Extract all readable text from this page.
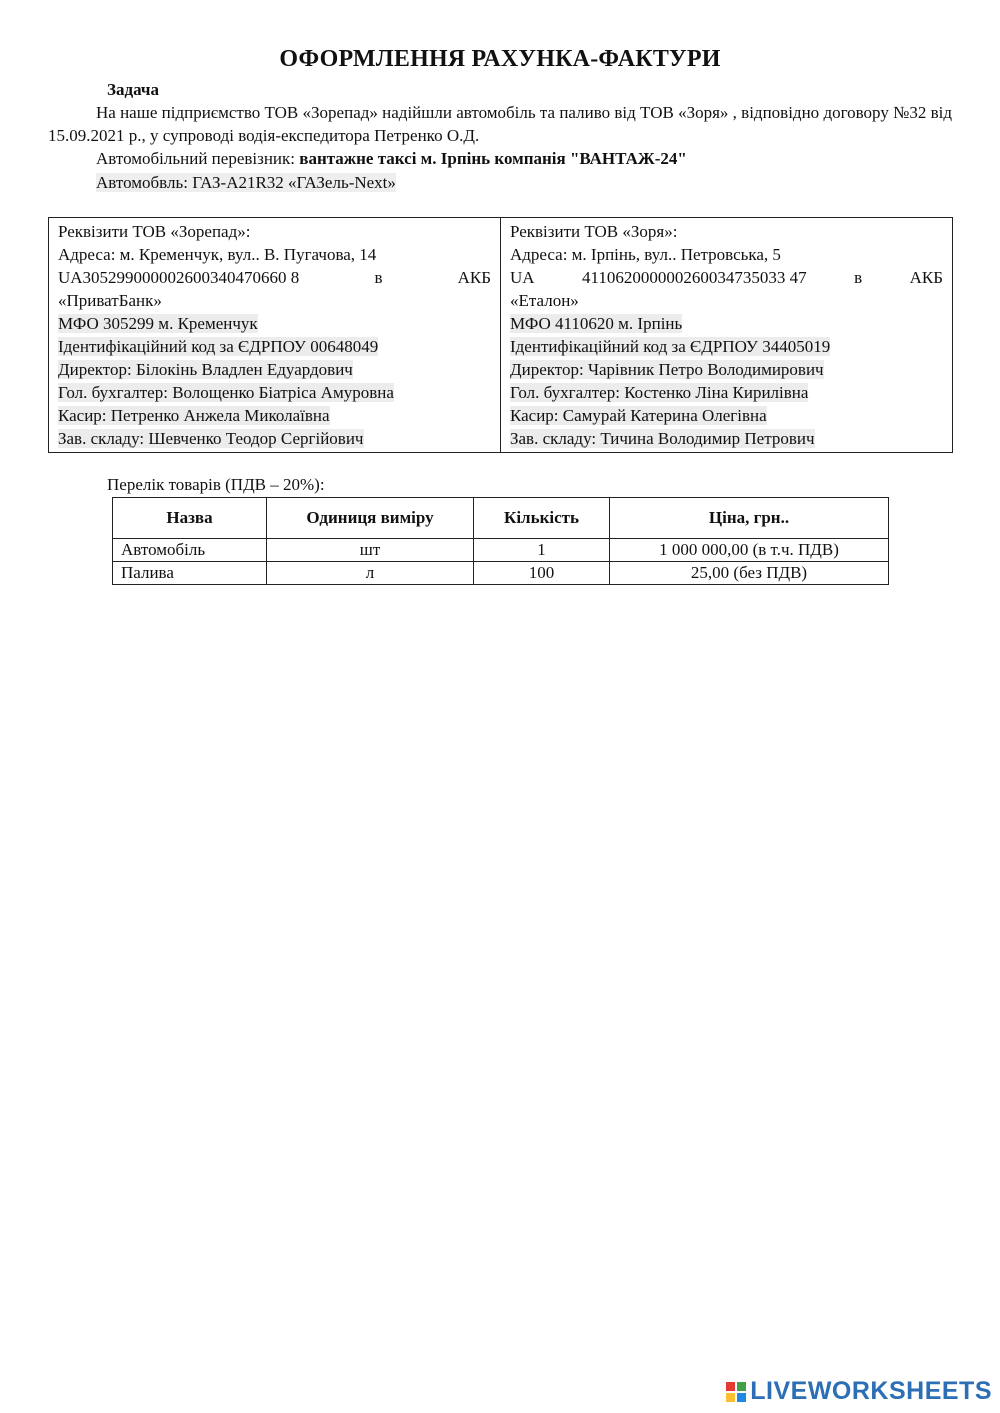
ОФОРМЛЕННЯ РАХУНКА-ФАКТУРИ
Задача
На наше підприємство ТОВ «Зорепад» надійшли автомобіль та паливо від ТОВ «Зоря» , відповідно договору №32 від 15.09.2021 р., у супроводі водія-експедитора Петренко О.Д.
Автомобільний перевізник: вантажне таксі м. Ірпінь компанія "ВАНТАЖ-24"
Автомобвль: ГАЗ-А21R32 «ГАЗель-Next»
Реквізити ТОВ «Зорепад»:
Адреса: м. Кременчук, вул.. В. Пугачова, 14
UA305299000002600340470660 8	в	АКБ
«ПриватБанк»
МФО 305299 м. Кременчук
Ідентифікаційний код за ЄДРПОУ 00648049
Директор: Білокінь Владлен Едуардович
Гол. бухгалтер: Волощенко Біатріса Амуровна
Касир: Петренко Анжела Миколаївна
Зав. складу: Шевченко Теодор Сергійович

Реквізити ТОВ «Зоря»:
Адреса: м. Ірпінь, вул.. Петровська, 5
UA	411062000000260034735033 47	в	АКБ
«Еталон»
МФО 4110620 м. Ірпінь
Ідентифікаційний код за ЄДРПОУ 34405019
Директор: Чарівник Петро Володимирович
Гол. бухгалтер: Костенко Ліна Кирилівна
Касир: Самурай Катерина Олегівна
Зав. складу: Тичина Володимир Петрович
Перелік товарів (ПДВ – 20%):
Назва	Одиниця виміру	Кількість	Ціна, грн..
Автомобіль	шт	1	1 000 000,00 (в т.ч. ПДВ)
Палива	л	100	25,00 (без ПДВ)
LIVEWORKSHEETS
